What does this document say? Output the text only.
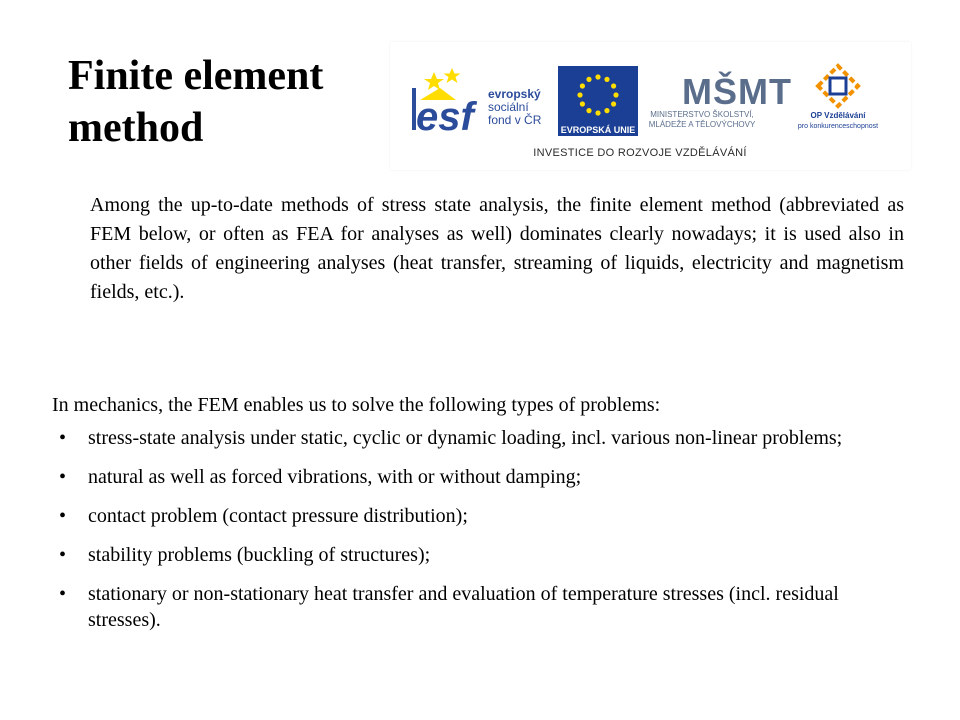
Finite element method	esf
evropský
sociální
fond v ČR
EVROPSKÁ UNIE
MŠMT
MINISTERSTVO ŠKOLSTVÍ,
MLÁDEŽE A TĚLOVÝCHOVY
OP Vzdělávání
pro konkurenceschopnost
INVESTICE DO ROZVOJE VZDĚLÁVÁNÍ

Among the up-to-date methods of stress state analysis, the finite element method (abbreviated as FEM below, or often as FEA for analyses as well) dominates clearly nowadays; it is used also in other fields of engineering analyses (heat transfer, streaming of liquids, electricity and magnetism fields, etc.).

In mechanics, the FEM enables us to solve the following types of problems:

• stress-state analysis under static, cyclic or dynamic loading, incl. various non-linear problems;
• natural as well as forced vibrations, with or without damping;
• contact problem (contact pressure distribution);
• stability problems (buckling of structures);
• stationary or non-stationary heat transfer and evaluation of temperature stresses (incl. residual stresses).
